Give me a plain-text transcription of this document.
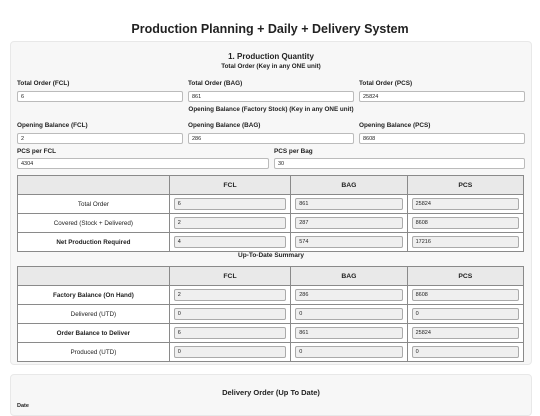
Production Planning + Daily + Delivery System
1. Production Quantity
Total Order (Key in any ONE unit)
Total Order (FCL)	Total Order (BAG)	Total Order (PCS)
6	861	25824
Opening Balance (Factory Stock) (Key in any ONE unit)
Opening Balance (FCL)	Opening Balance (BAG)	Opening Balance (PCS)
2	286	8608
PCS per FCL	PCS per Bag
4304	30
	FCL	BAG	PCS
Total Order	6	861	25824

Covered (Stock + Delivered)	2	287	8608

Net Production Required	4	574	17216
Up-To-Date Summary
	FCL	BAG	PCS
Factory Balance (On Hand)	2	286	8608

Delivered (UTD)	0	0	0

Order Balance to Deliver	6	861	25824

Produced (UTD)	0	0	0
Delivery Order (Up To Date)
Date
